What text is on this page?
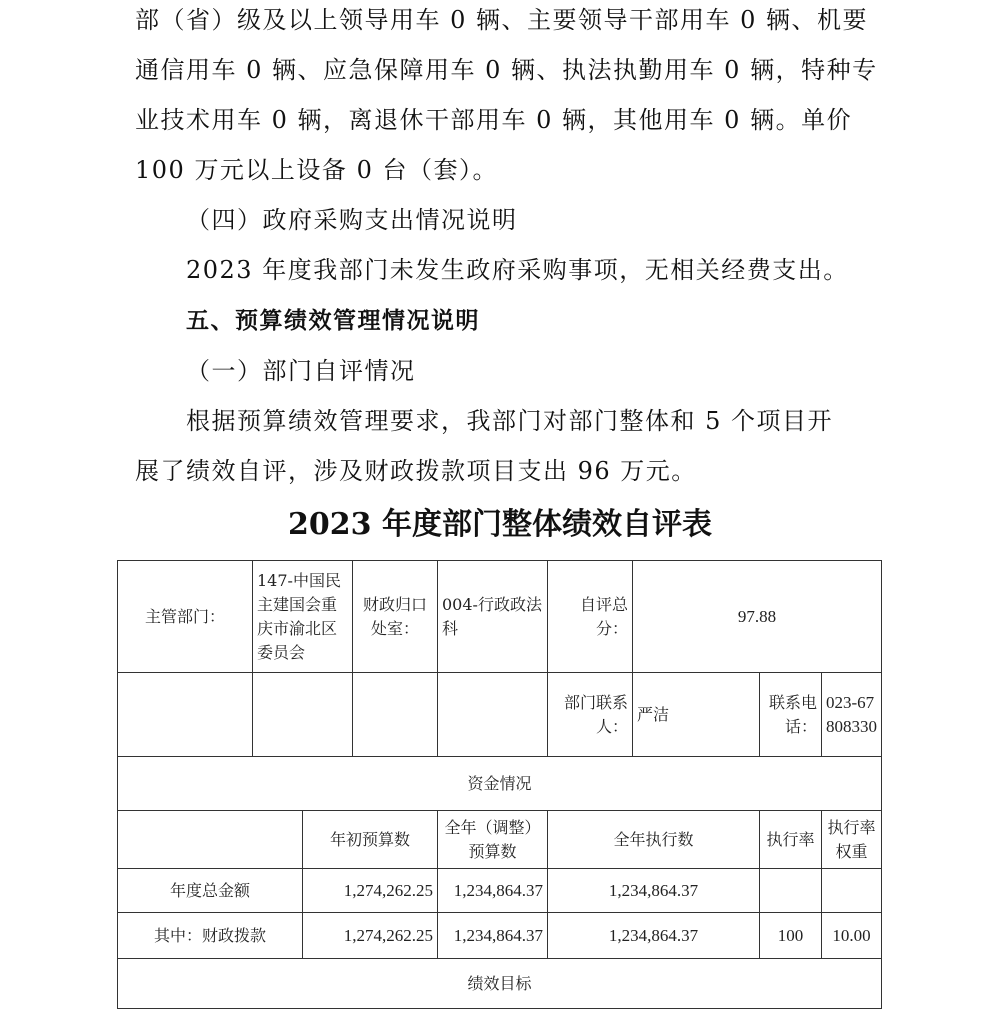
部（省）级及以上领导用车 0 辆、主要领导干部用车 0 辆、机要通信用车 0 辆、应急保障用车 0 辆、执法执勤用车 0 辆，特种专业技术用车 0 辆，离退休干部用车 0 辆，其他用车 0 辆。单价 100 万元以上设备 0 台（套）。
（四）政府采购支出情况说明
2023 年度我部门未发生政府采购事项，无相关经费支出。
五、预算绩效管理情况说明
（一）部门自评情况
根据预算绩效管理要求，我部门对部门整体和 5 个项目开
展了绩效自评，涉及财政拨款项目支出 96 万元。
2023 年度部门整体绩效自评表
主管部门：	147-中国民主建国会重庆市渝北区委员会		财政归口处室：	004-行政政法科	自评总分：	97.88		
					部门联系人：	严洁	联系电话：	023-67808330
资金情况								
		年初预算数		全年（调整）预算数	全年执行数		执行率	执行率权重
年度总金额		1,274,262.25		1,234,864.37	1,234,864.37			
其中：财政拨款		1,274,262.25		1,234,864.37	1,234,864.37		100	10.00
绩效目标								
